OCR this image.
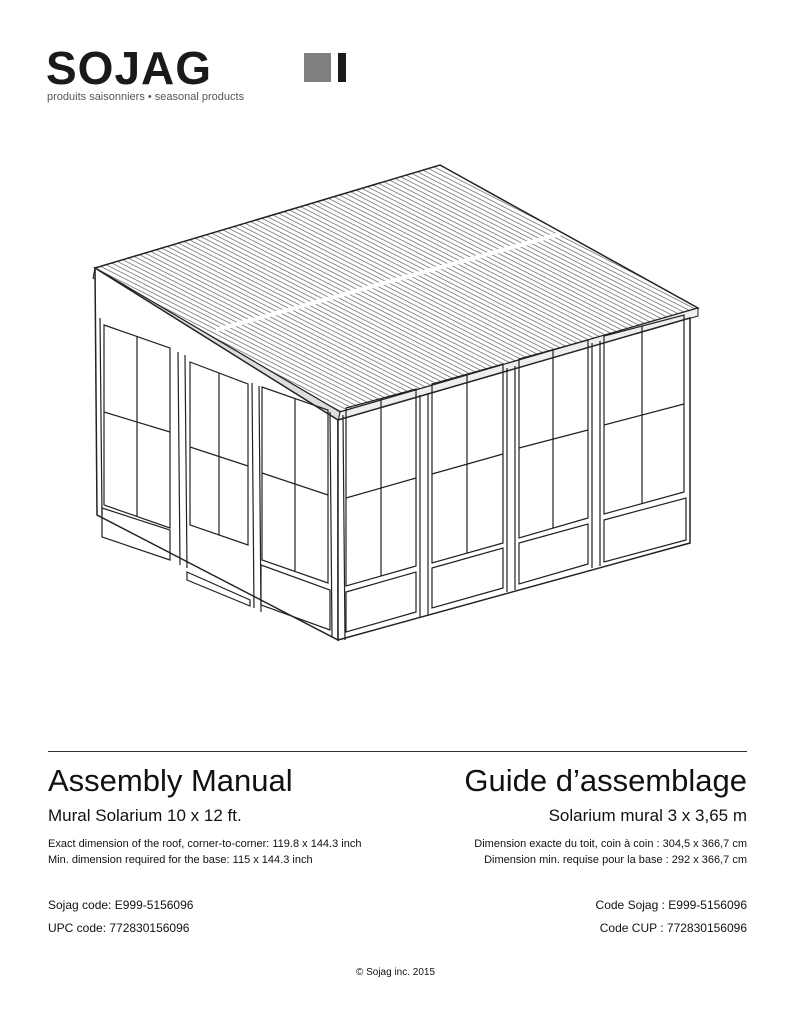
SOJAG
produits saisonniers • seasonal products
Assembly Manual	Guide d’assemblage
Mural Solarium 10 x 12 ft.	Solarium mural 3 x 3,65 m
Exact dimension of the roof, corner-to-corner: 119.8 x 144.3 inch	Dimension exacte du toit, coin à coin : 304,5 x 366,7 cm
Min. dimension required for the base: 115 x 144.3 inch	Dimension min. requise pour la base : 292 x 366,7 cm
Sojag code: E999-5156096	Code Sojag : E999-5156096
UPC code: 772830156096	Code CUP : 772830156096
© Sojag inc. 2015
